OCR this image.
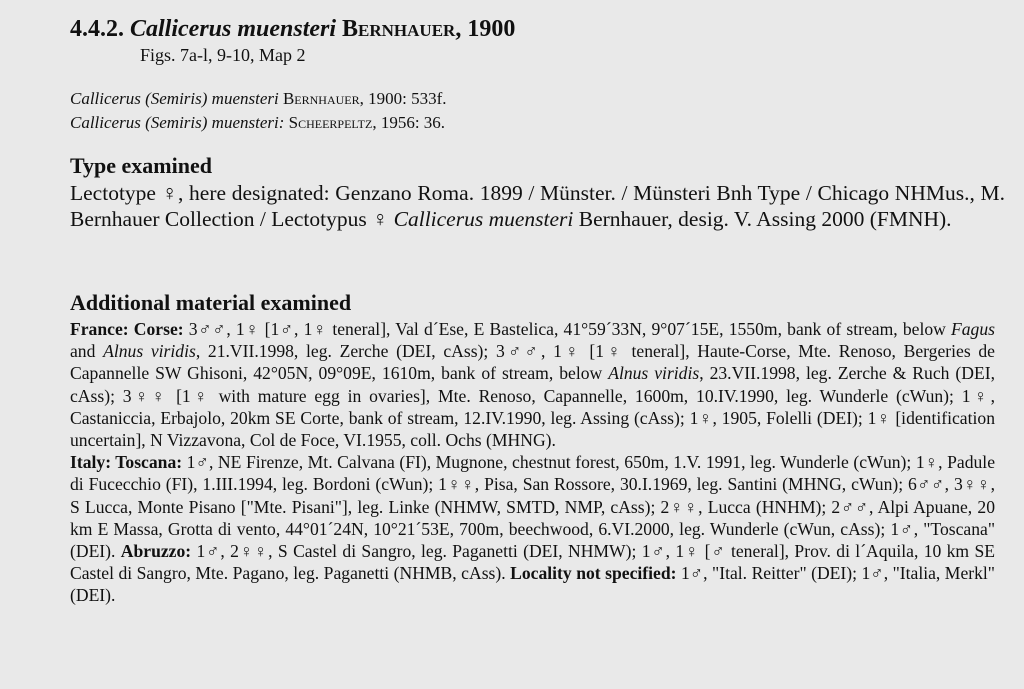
4.4.2. Callicerus muensteri Bernhauer, 1900
Figs. 7a-l, 9-10, Map 2
Callicerus (Semiris) muensteri Bernhauer, 1900: 533f.
Callicerus (Semiris) muensteri: Scheerpeltz, 1956: 36.
Type examined
Lectotype ♀, here designated: Genzano Roma. 1899 / Münster. / Münsteri Bnh Type / Chicago NHMus., M. Bernhauer Collection / Lectotypus ♀ Callicerus muensteri Bernhauer, desig. V. Assing 2000 (FMNH).
Additional material examined

France: Corse: 3♂♂, 1♀ [1♂, 1♀ teneral], Val d´Ese, E Bastelica, 41°59´33N, 9°07´15E, 1550m, bank of stream, below Fagus and Alnus viridis, 21.VII.1998, leg. Zerche (DEI, cAss); 3♂♂, 1♀ [1♀ teneral], Haute-Corse, Mte. Renoso, Bergeries de Capannelle SW Ghisoni, 42°05N, 09°09E, 1610m, bank of stream, below Alnus viridis, 23.VII.1998, leg. Zerche & Ruch (DEI, cAss); 3♀♀ [1♀ with mature egg in ovaries], Mte. Renoso, Capannelle, 1600m, 10.IV.1990, leg. Wunderle (cWun); 1♀, Castaniccia, Erbajolo, 20km SE Corte, bank of stream, 12.IV.1990, leg. Assing (cAss); 1♀, 1905, Folelli (DEI); 1♀ [identification uncertain], N Vizzavona, Col de Foce, VI.1955, coll. Ochs (MHNG).

Italy: Toscana: 1♂, NE Firenze, Mt. Calvana (FI), Mugnone, chestnut forest, 650m, 1.V. 1991, leg. Wunderle (cWun); 1♀, Padule di Fucecchio (FI), 1.III.1994, leg. Bordoni (cWun); 1♀♀, Pisa, San Rossore, 30.I.1969, leg. Santini (MHNG, cWun); 6♂♂, 3♀♀, S Lucca, Monte Pisano ["Mte. Pisani"], leg. Linke (NHMW, SMTD, NMP, cAss); 2♀♀, Lucca (HNHM); 2♂♂, Alpi Apuane, 20 km E Massa, Grotta di vento, 44°01´24N, 10°21´53E, 700m, beechwood, 6.VI.2000, leg. Wunderle (cWun, cAss); 1♂, "Toscana" (DEI). Abruzzo: 1♂, 2♀♀, S Castel di Sangro, leg. Paganetti (DEI, NHMW); 1♂, 1♀ [♂ teneral], Prov. di l´Aquila, 10 km SE Castel di Sangro, Mte. Pagano, leg. Paganetti (NHMB, cAss). Locality not specified: 1♂, "Ital. Reitter" (DEI); 1♂, "Italia, Merkl" (DEI).
